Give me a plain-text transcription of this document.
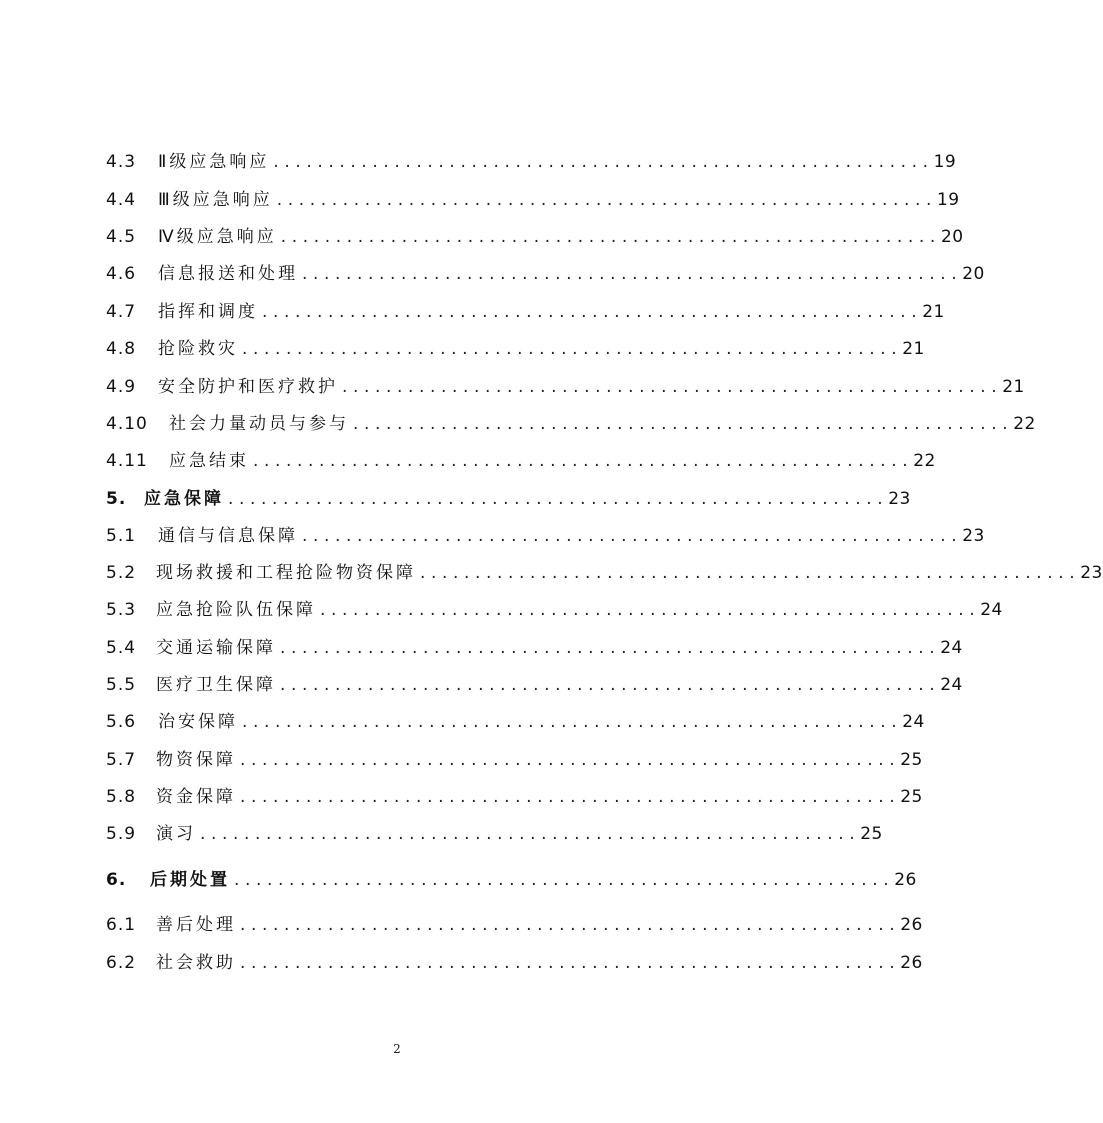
4.3	Ⅱ级应急响应 ............................................................ 19
4.4	Ⅲ级应急响应 ............................................................ 19
4.5	Ⅳ级应急响应 ............................................................ 20
4.6	信息报送和处理 ............................................................ 20
4.7	指挥和调度 ............................................................ 21
4.8	抢险救灾 ............................................................ 21
4.9	安全防护和医疗救护 ............................................................ 21
4.10	社会力量动员与参与 ............................................................ 22
4.11	应急结束 ............................................................ 22
5.	应急保障 ............................................................ 23
5.1	通信与信息保障 ............................................................ 23
5.2	现场救援和工程抢险物资保障 ............................................................ 23
5.3	应急抢险队伍保障 ............................................................ 24
5.4	交通运输保障 ............................................................ 24
5.5	医疗卫生保障 ............................................................ 24
5.6	治安保障 ............................................................ 24
5.7	物资保障 ............................................................ 25
5.8	资金保障 ............................................................ 25
5.9	演习 ............................................................ 25
6.	后期处置 ............................................................ 26
6.1	善后处理 ............................................................ 26
6.2	社会救助 ............................................................ 26
2
